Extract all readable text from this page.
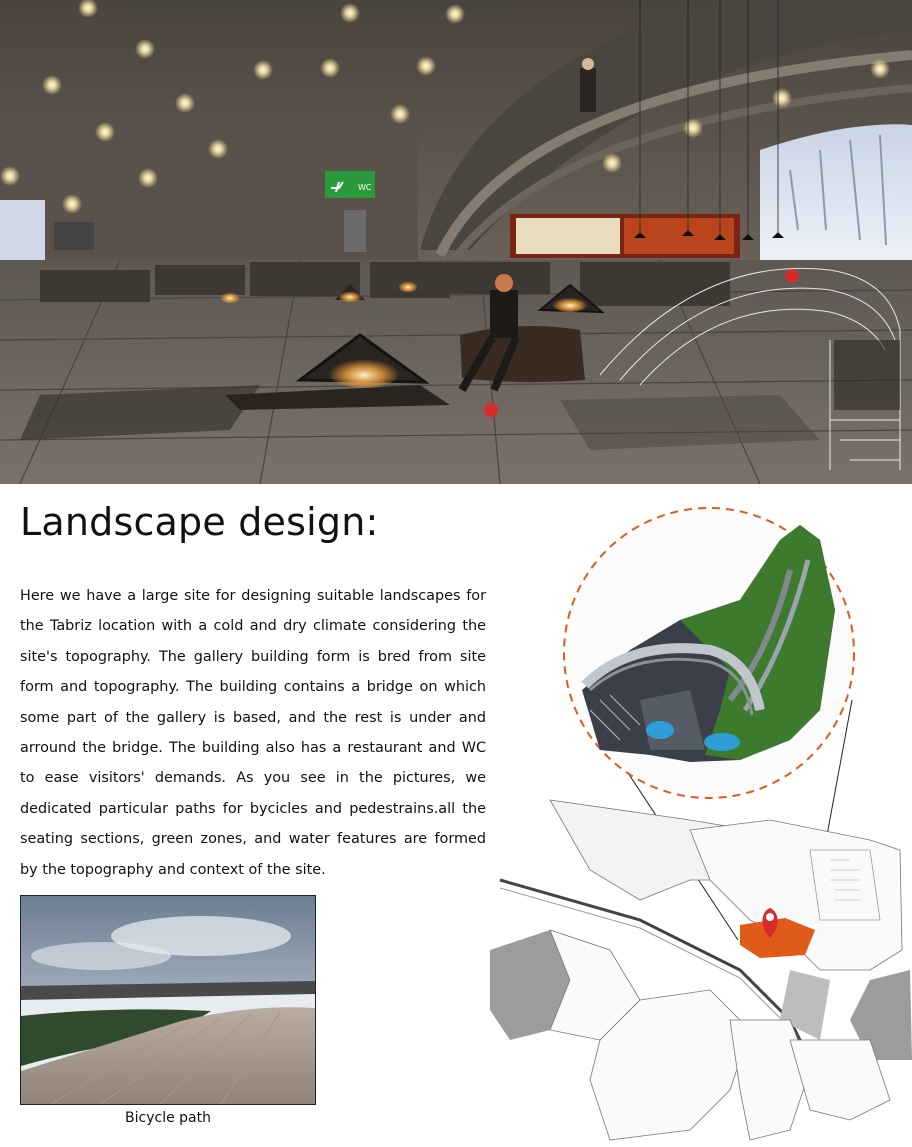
WC
Landscape design:

Here we have a large site for designing suitable landscapes for the Tabriz location with a cold and dry climate considering the site's topography. The gallery building form is bred from site form and topography. The building contains a bridge on which some part of the gallery is based, and the rest is under and arround the bridge. The building also has a restaurant and WC to ease visitors' demands. As you see in the pictures, we dedicated particular paths for bycicles and pedestrains.all the seating sections, green zones, and water features are formed by the topography and context of the site.

Bicycle path
